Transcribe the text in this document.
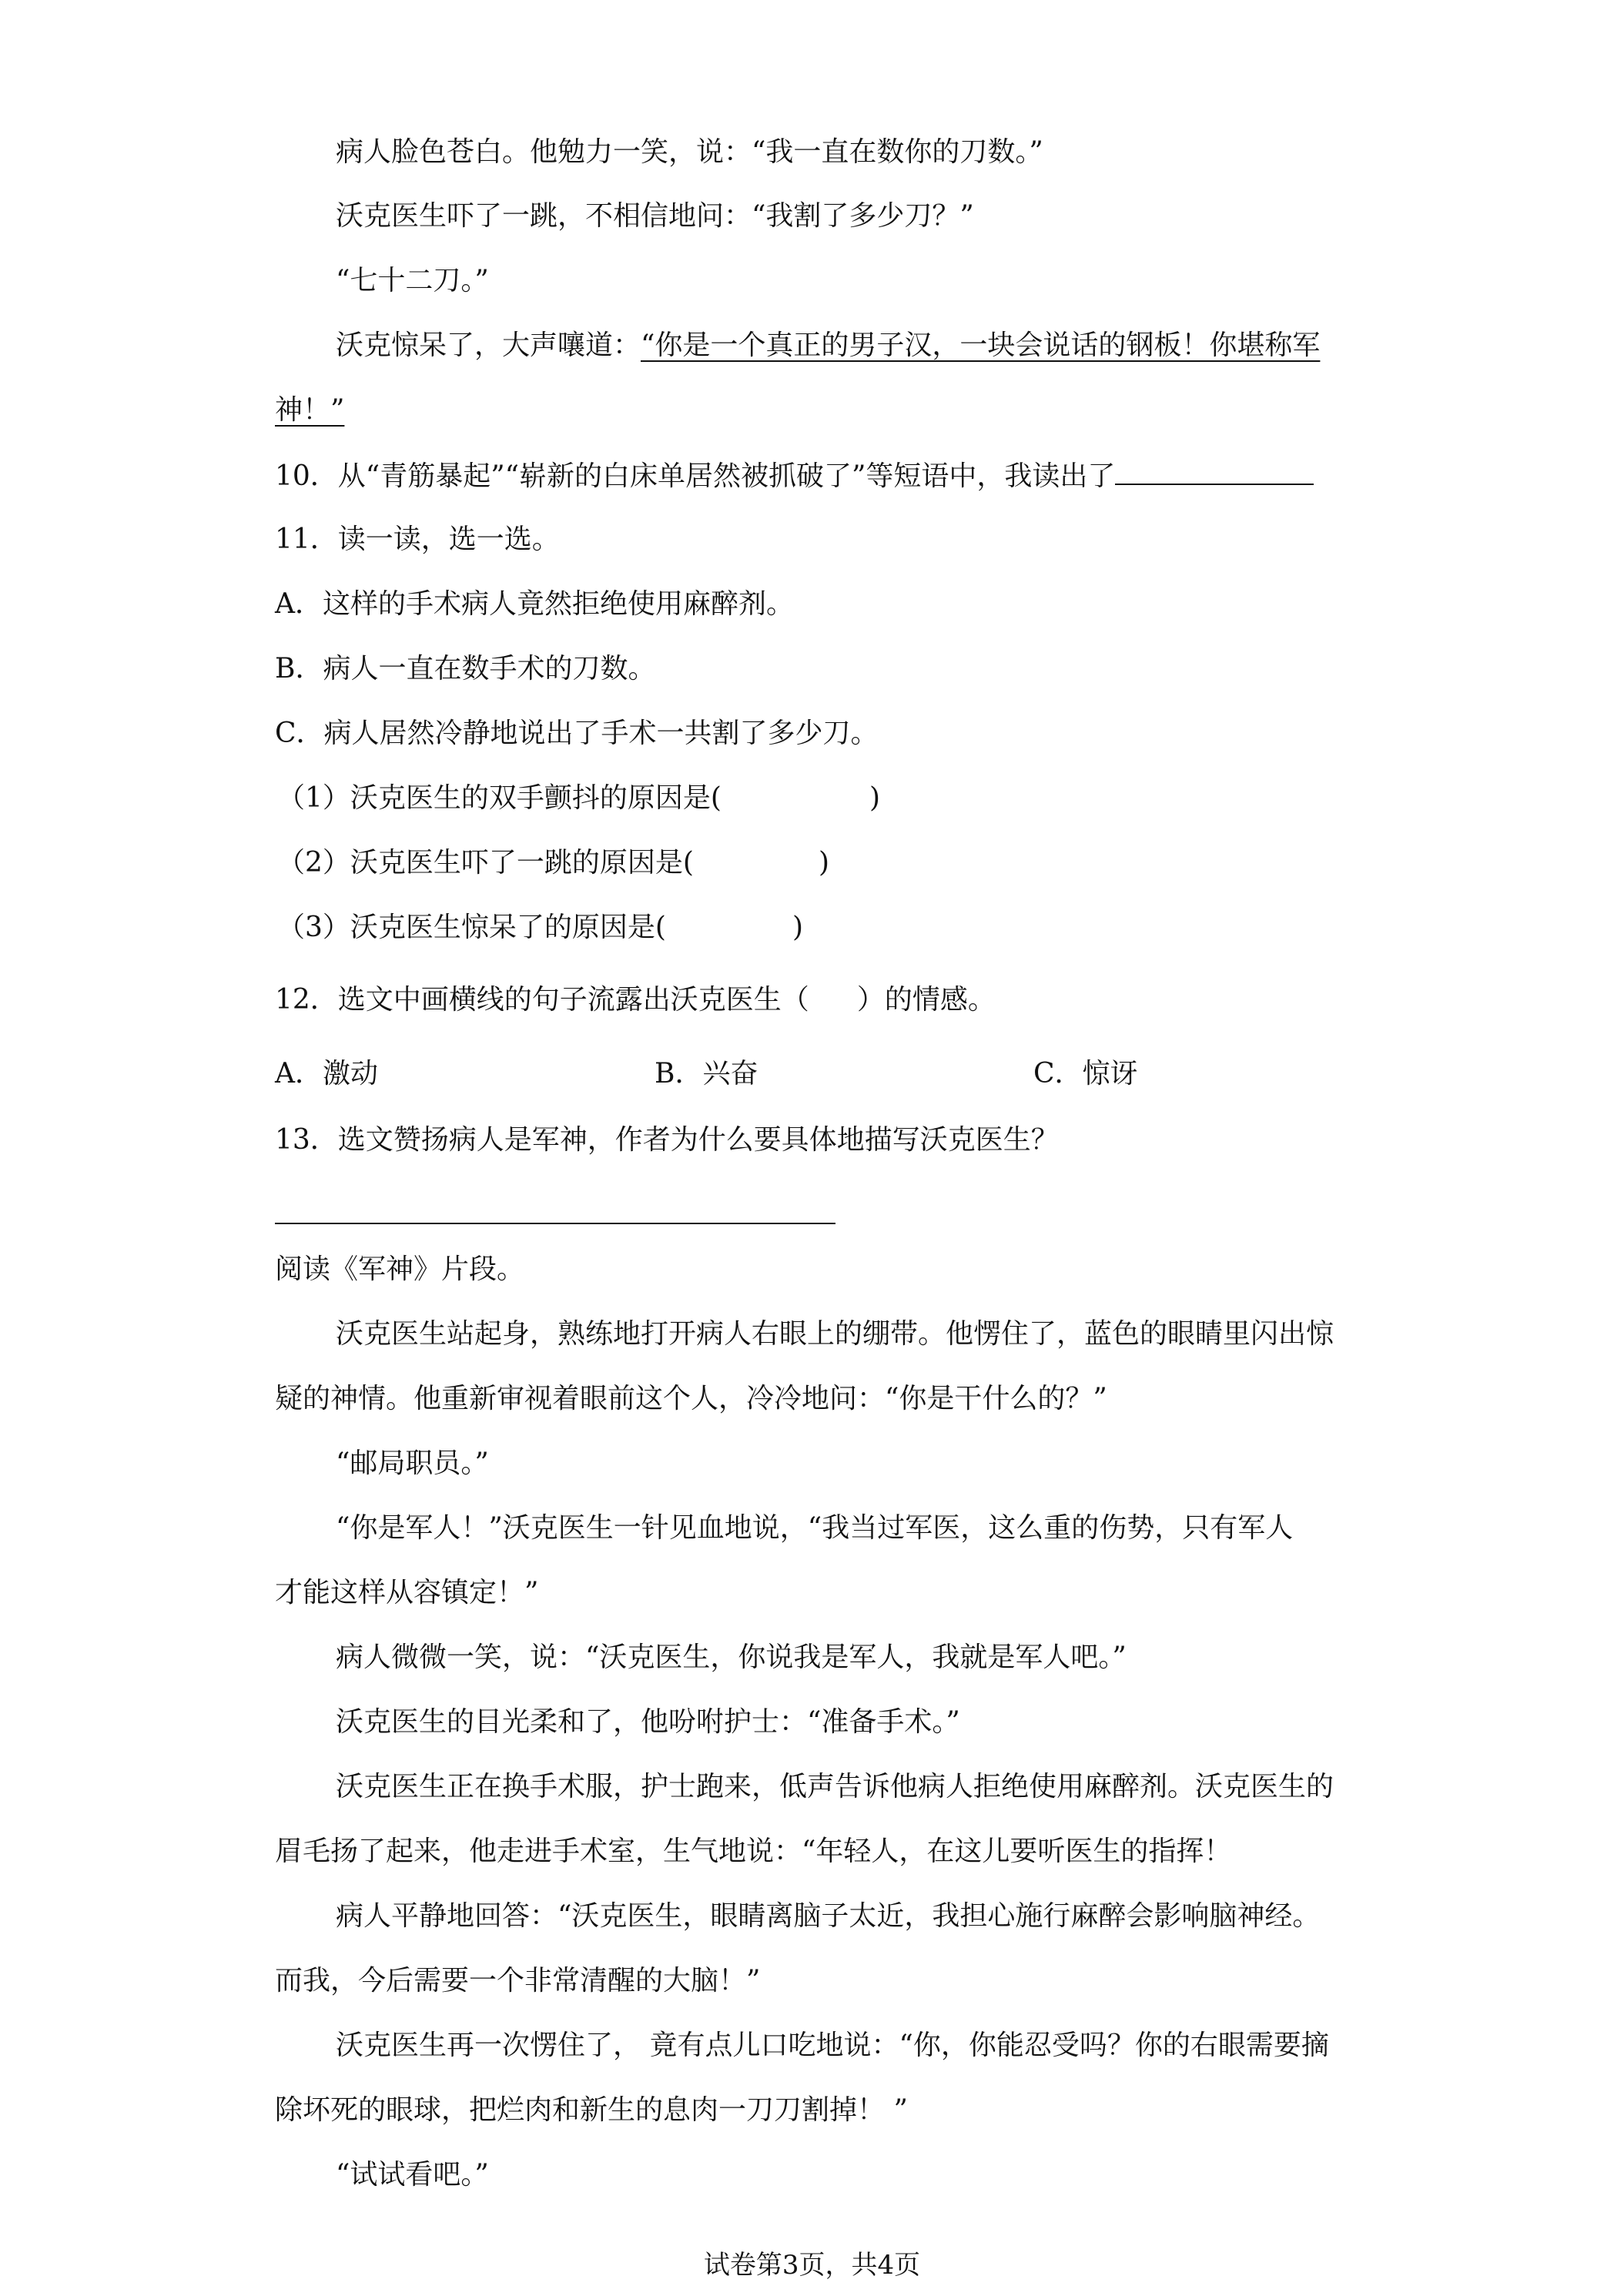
病人脸色苍白。他勉力一笑，说：“我一直在数你的刀数。”
沃克医生吓了一跳，不相信地问：“我割了多少刀？”
“七十二刀。”
沃克惊呆了，大声嚷道：“你是一个真正的男子汉，一块会说话的钢板！你堪称军
神！”
10．从“青筋暴起”“崭新的白床单居然被抓破了”等短语中，我读出了
11．读一读，选一选。
A．这样的手术病人竟然拒绝使用麻醉剂。
B．病人一直在数手术的刀数。
C．病人居然冷静地说出了手术一共割了多少刀。
（1）沃克医生的双手颤抖的原因是(	)
（2）沃克医生吓了一跳的原因是(	)
（3）沃克医生惊呆了的原因是(	)
12．选文中画横线的句子流露出沃克医生（ ）的情感。
A．激动	B．兴奋	C．惊讶
13．选文赞扬病人是军神，作者为什么要具体地描写沃克医生？
阅读《军神》片段。
沃克医生站起身，熟练地打开病人右眼上的绷带。他愣住了，蓝色的眼睛里闪出惊
疑的神情。他重新审视着眼前这个人，冷冷地问：“你是干什么的？”
“邮局职员。”
“你是军人！”沃克医生一针见血地说，“我当过军医，这么重的伤势，只有军人
才能这样从容镇定！”
病人微微一笑，说：“沃克医生，你说我是军人，我就是军人吧。”
沃克医生的目光柔和了，他吩咐护士：“准备手术。”
沃克医生正在换手术服，护士跑来，低声告诉他病人拒绝使用麻醉剂。沃克医生的
眉毛扬了起来，他走进手术室，生气地说：“年轻人，在这儿要听医生的指挥！
病人平静地回答：“沃克医生，眼睛离脑子太近，我担心施行麻醉会影响脑神经。
而我，今后需要一个非常清醒的大脑！”
沃克医生再一次愣住了， 竟有点儿口吃地说：“你，你能忍受吗？你的右眼需要摘
除坏死的眼球，把烂肉和新生的息肉一刀刀割掉！ ”
“试试看吧。”
试卷第3页，共4页
